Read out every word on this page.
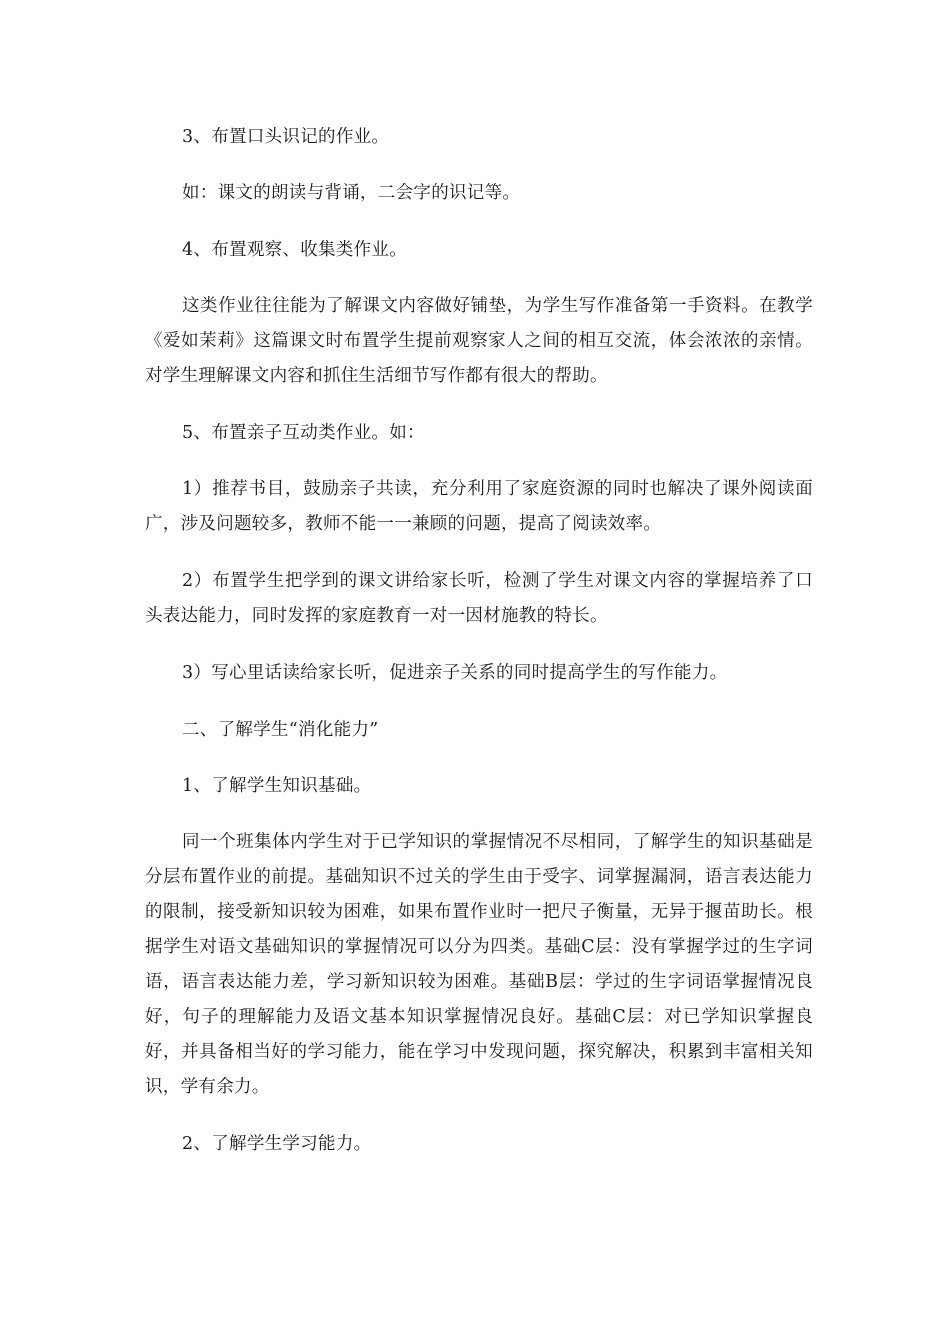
3、布置口头识记的作业。

如：课文的朗读与背诵，二会字的识记等。

4、布置观察、收集类作业。

这类作业往往能为了解课文内容做好铺垫，为学生写作准备第一手资料。在教学《爱如茉莉》这篇课文时布置学生提前观察家人之间的相互交流，体会浓浓的亲情。对学生理解课文内容和抓住生活细节写作都有很大的帮助。

5、布置亲子互动类作业。如：

1）推荐书目，鼓励亲子共读，充分利用了家庭资源的同时也解决了课外阅读面广，涉及问题较多，教师不能一一兼顾的问题，提高了阅读效率。

2）布置学生把学到的课文讲给家长听，检测了学生对课文内容的掌握培养了口头表达能力，同时发挥的家庭教育一对一因材施教的特长。

3）写心里话读给家长听，促进亲子关系的同时提高学生的写作能力。

二、了解学生“消化能力”

1、了解学生知识基础。

同一个班集体内学生对于已学知识的掌握情况不尽相同，了解学生的知识基础是分层布置作业的前提。基础知识不过关的学生由于受字、词掌握漏洞，语言表达能力的限制，接受新知识较为困难，如果布置作业时一把尺子衡量，无异于揠苗助长。根据学生对语文基础知识的掌握情况可以分为四类。基础C层：没有掌握学过的生字词语，语言表达能力差，学习新知识较为困难。基础B层：学过的生字词语掌握情况良好，句子的理解能力及语文基本知识掌握情况良好。基础C层：对已学知识掌握良好，并具备相当好的学习能力，能在学习中发现问题，探究解决，积累到丰富相关知识，学有余力。

2、了解学生学习能力。
